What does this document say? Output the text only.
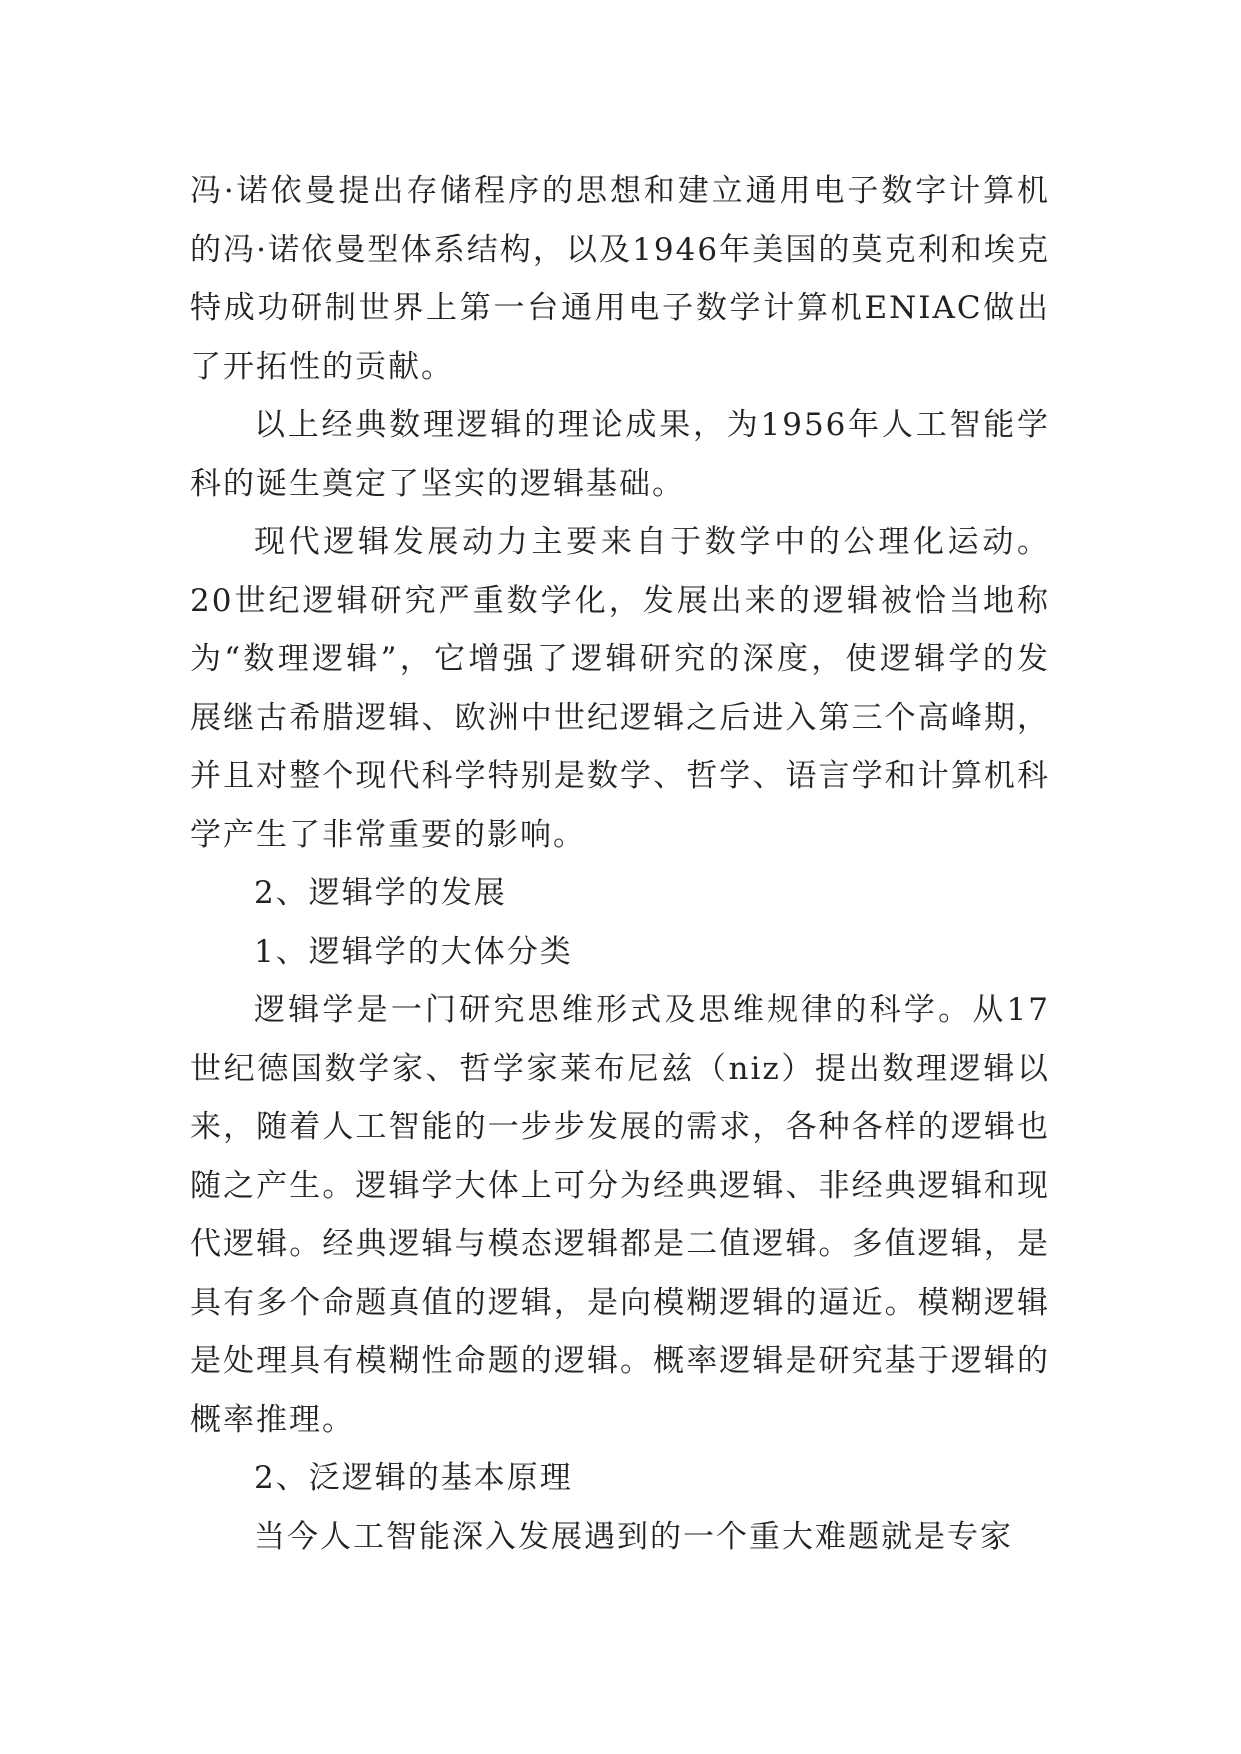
冯·诺依曼提出存储程序的思想和建立通用电子数字计算机的冯·诺依曼型体系结构，以及1946年美国的莫克利和埃克特成功研制世界上第一台通用电子数学计算机ENIAC做出了开拓性的贡献。

以上经典数理逻辑的理论成果，为1956年人工智能学科的诞生奠定了坚实的逻辑基础。

现代逻辑发展动力主要来自于数学中的公理化运动。20世纪逻辑研究严重数学化，发展出来的逻辑被恰当地称为“数理逻辑”，它增强了逻辑研究的深度，使逻辑学的发展继古希腊逻辑、欧洲中世纪逻辑之后进入第三个高峰期，并且对整个现代科学特别是数学、哲学、语言学和计算机科学产生了非常重要的影响。

2、逻辑学的发展

1、逻辑学的大体分类

逻辑学是一门研究思维形式及思维规律的科学。从17世纪德国数学家、哲学家莱布尼兹（niz）提出数理逻辑以来，随着人工智能的一步步发展的需求，各种各样的逻辑也随之产生。逻辑学大体上可分为经典逻辑、非经典逻辑和现代逻辑。经典逻辑与模态逻辑都是二值逻辑。多值逻辑，是具有多个命题真值的逻辑，是向模糊逻辑的逼近。模糊逻辑是处理具有模糊性命题的逻辑。概率逻辑是研究基于逻辑的概率推理。

2、泛逻辑的基本原理

当今人工智能深入发展遇到的一个重大难题就是专家
